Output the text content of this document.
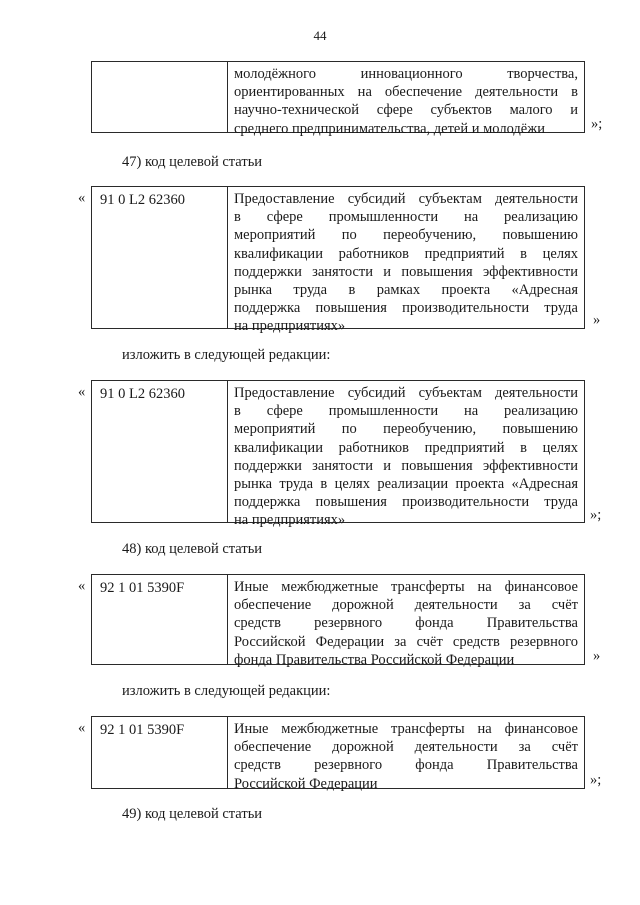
44
молодёжного инновационного творчества,
ориентированных на обеспечение деятельности в
научно-технической сфере субъектов малого и
среднего предпринимательства, детей и молодёжи	»;
47) код целевой статьи
«	91 0 L2 62360	Предоставление субсидий субъектам деятельности
в сфере промышленности на реализацию
мероприятий по переобучению, повышению
квалификации работников предприятий в целях
поддержки занятости и повышения эффективности
рынка труда в рамках проекта «Адресная
поддержка повышения производительности труда
на предприятиях»	»
изложить в следующей редакции:
«	91 0 L2 62360	Предоставление субсидий субъектам деятельности
в сфере промышленности на реализацию
мероприятий по переобучению, повышению
квалификации работников предприятий в целях
поддержки занятости и повышения эффективности
рынка труда в целях реализации проекта «Адресная
поддержка повышения производительности труда
на предприятиях»	»;
48) код целевой статьи
«	92 1 01 5390F	Иные межбюджетные трансферты на финансовое
обеспечение дорожной деятельности за счёт
средств резервного фонда Правительства
Российской Федерации за счёт средств резервного
фонда Правительства Российской Федерации	»
изложить в следующей редакции:
«	92 1 01 5390F	Иные межбюджетные трансферты на финансовое
обеспечение дорожной деятельности за счёт
средств резервного фонда Правительства
Российской Федерации	»;
49) код целевой статьи
